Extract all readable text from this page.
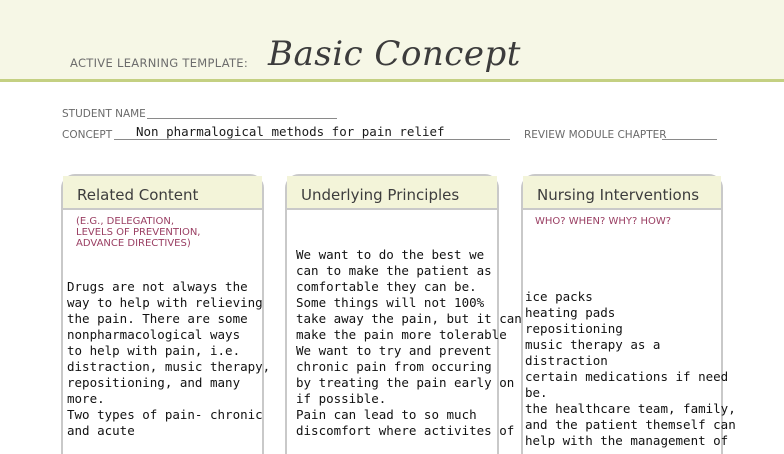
ACTIVE LEARNING TEMPLATE: Basic Concept
STUDENT NAME
CONCEPT Non pharmalogical methods for pain relief	REVIEW MODULE CHAPTER
Related Content
(E.G., DELEGATION,
LEVELS OF PREVENTION,
ADVANCE DIRECTIVES)
Drugs are not always the
way to help with relieving
the pain. There are some
nonpharmacological ways
to help with pain, i.e.
distraction, music therapy,
repositioning, and many
more.
Two types of pain- chronic
and acute
Underlying Principles
We want to do the best we
can to make the patient as
comfortable they can be.
Some things will not 100%
take away the pain, but it can
make the pain more tolerable
We want to try and prevent
chronic pain from occuring
by treating the pain early on
if possible.
Pain can lead to so much
discomfort where activites of
Nursing Interventions
WHO? WHEN? WHY? HOW?
ice packs
heating pads
repositioning
music therapy as a
distraction
certain medications if need
be.
the healthcare team, family,
and the patient themself can
help with the management of
